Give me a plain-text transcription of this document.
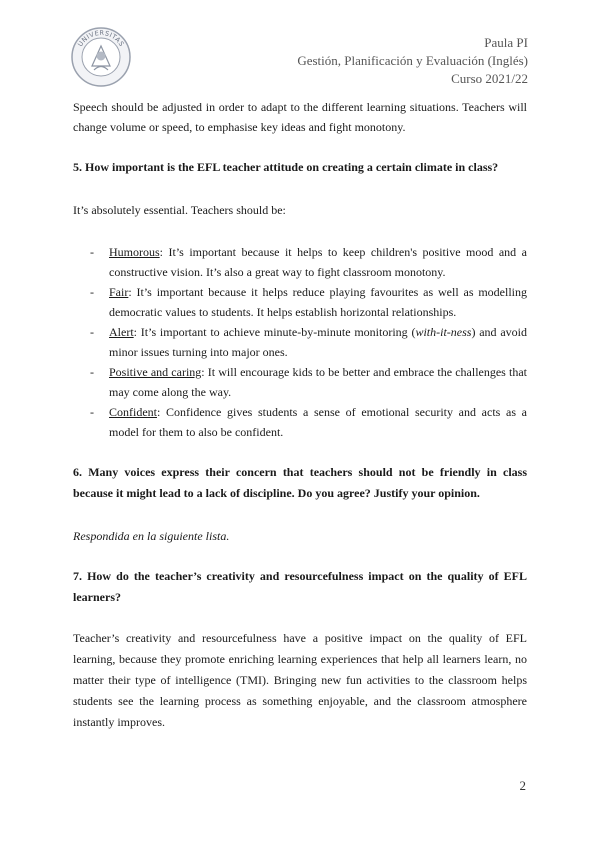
UNIVERSITAS	Paula PI
Gestión, Planificación y Evaluación (Inglés)
Curso 2021/22

Speech should be adjusted in order to adapt to the different learning situations. Teachers will change volume or speed, to emphasise key ideas and fight monotony.

5. How important is the EFL teacher attitude on creating a certain climate in class?

It’s absolutely essential. Teachers should be:

- Humorous: It’s important because it helps to keep children's positive mood and a constructive vision. It’s also a great way to fight classroom monotony.
- Fair: It’s important because it helps reduce playing favourites as well as modelling democratic values to students. It helps establish horizontal relationships.
- Alert: It’s important to achieve minute-by-minute monitoring (with-it-ness) and avoid minor issues turning into major ones.
- Positive and caring: It will encourage kids to be better and embrace the challenges that may come along the way.
- Confident: Confidence gives students a sense of emotional security and acts as a model for them to also be confident.

6. Many voices express their concern that teachers should not be friendly in class because it might lead to a lack of discipline. Do you agree? Justify your opinion.

Respondida en la siguiente lista.

7. How do the teacher’s creativity and resourcefulness impact on the quality of EFL learners?

Teacher’s creativity and resourcefulness have a positive impact on the quality of EFL learning, because they promote enriching learning experiences that help all learners learn, no matter their type of intelligence (TMI). Bringing new fun activities to the classroom helps students see the learning process as something enjoyable, and the classroom atmosphere instantly improves.

2
